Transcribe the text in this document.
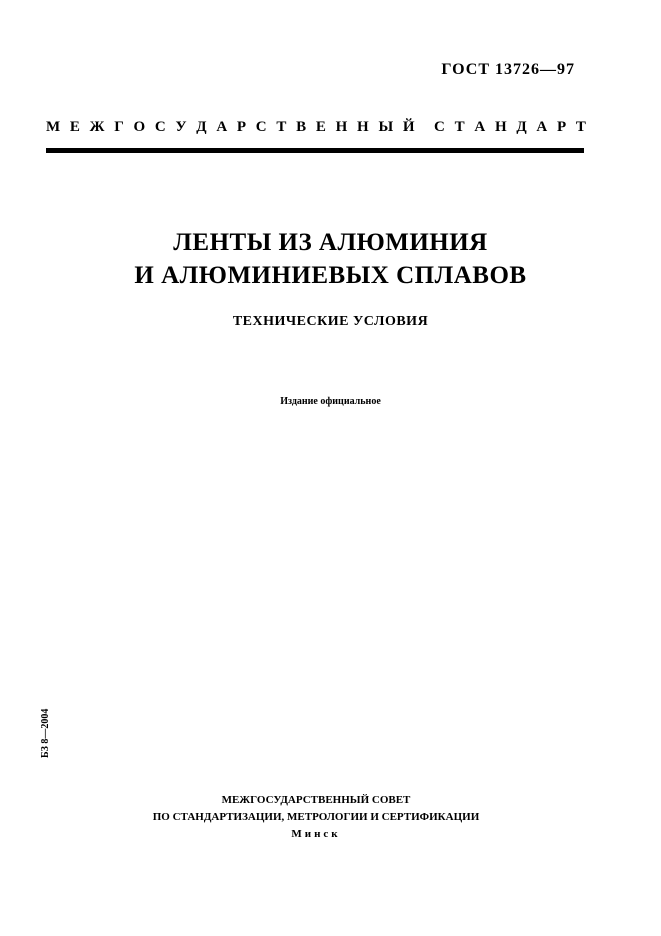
ГОСТ 13726—97
М Е Ж Г О С У Д А Р С Т В Е Н Н Ы Й С Т А Н Д А Р Т
ЛЕНТЫ ИЗ АЛЮМИНИЯ
И АЛЮМИНИЕВЫХ СПЛАВОВ
ТЕХНИЧЕСКИЕ УСЛОВИЯ
Издание официальное
БЗ 8—2004
МЕЖГОСУДАРСТВЕННЫЙ СОВЕТ
ПО СТАНДАРТИЗАЦИИ, МЕТРОЛОГИИ И СЕРТИФИКАЦИИ
Минск
